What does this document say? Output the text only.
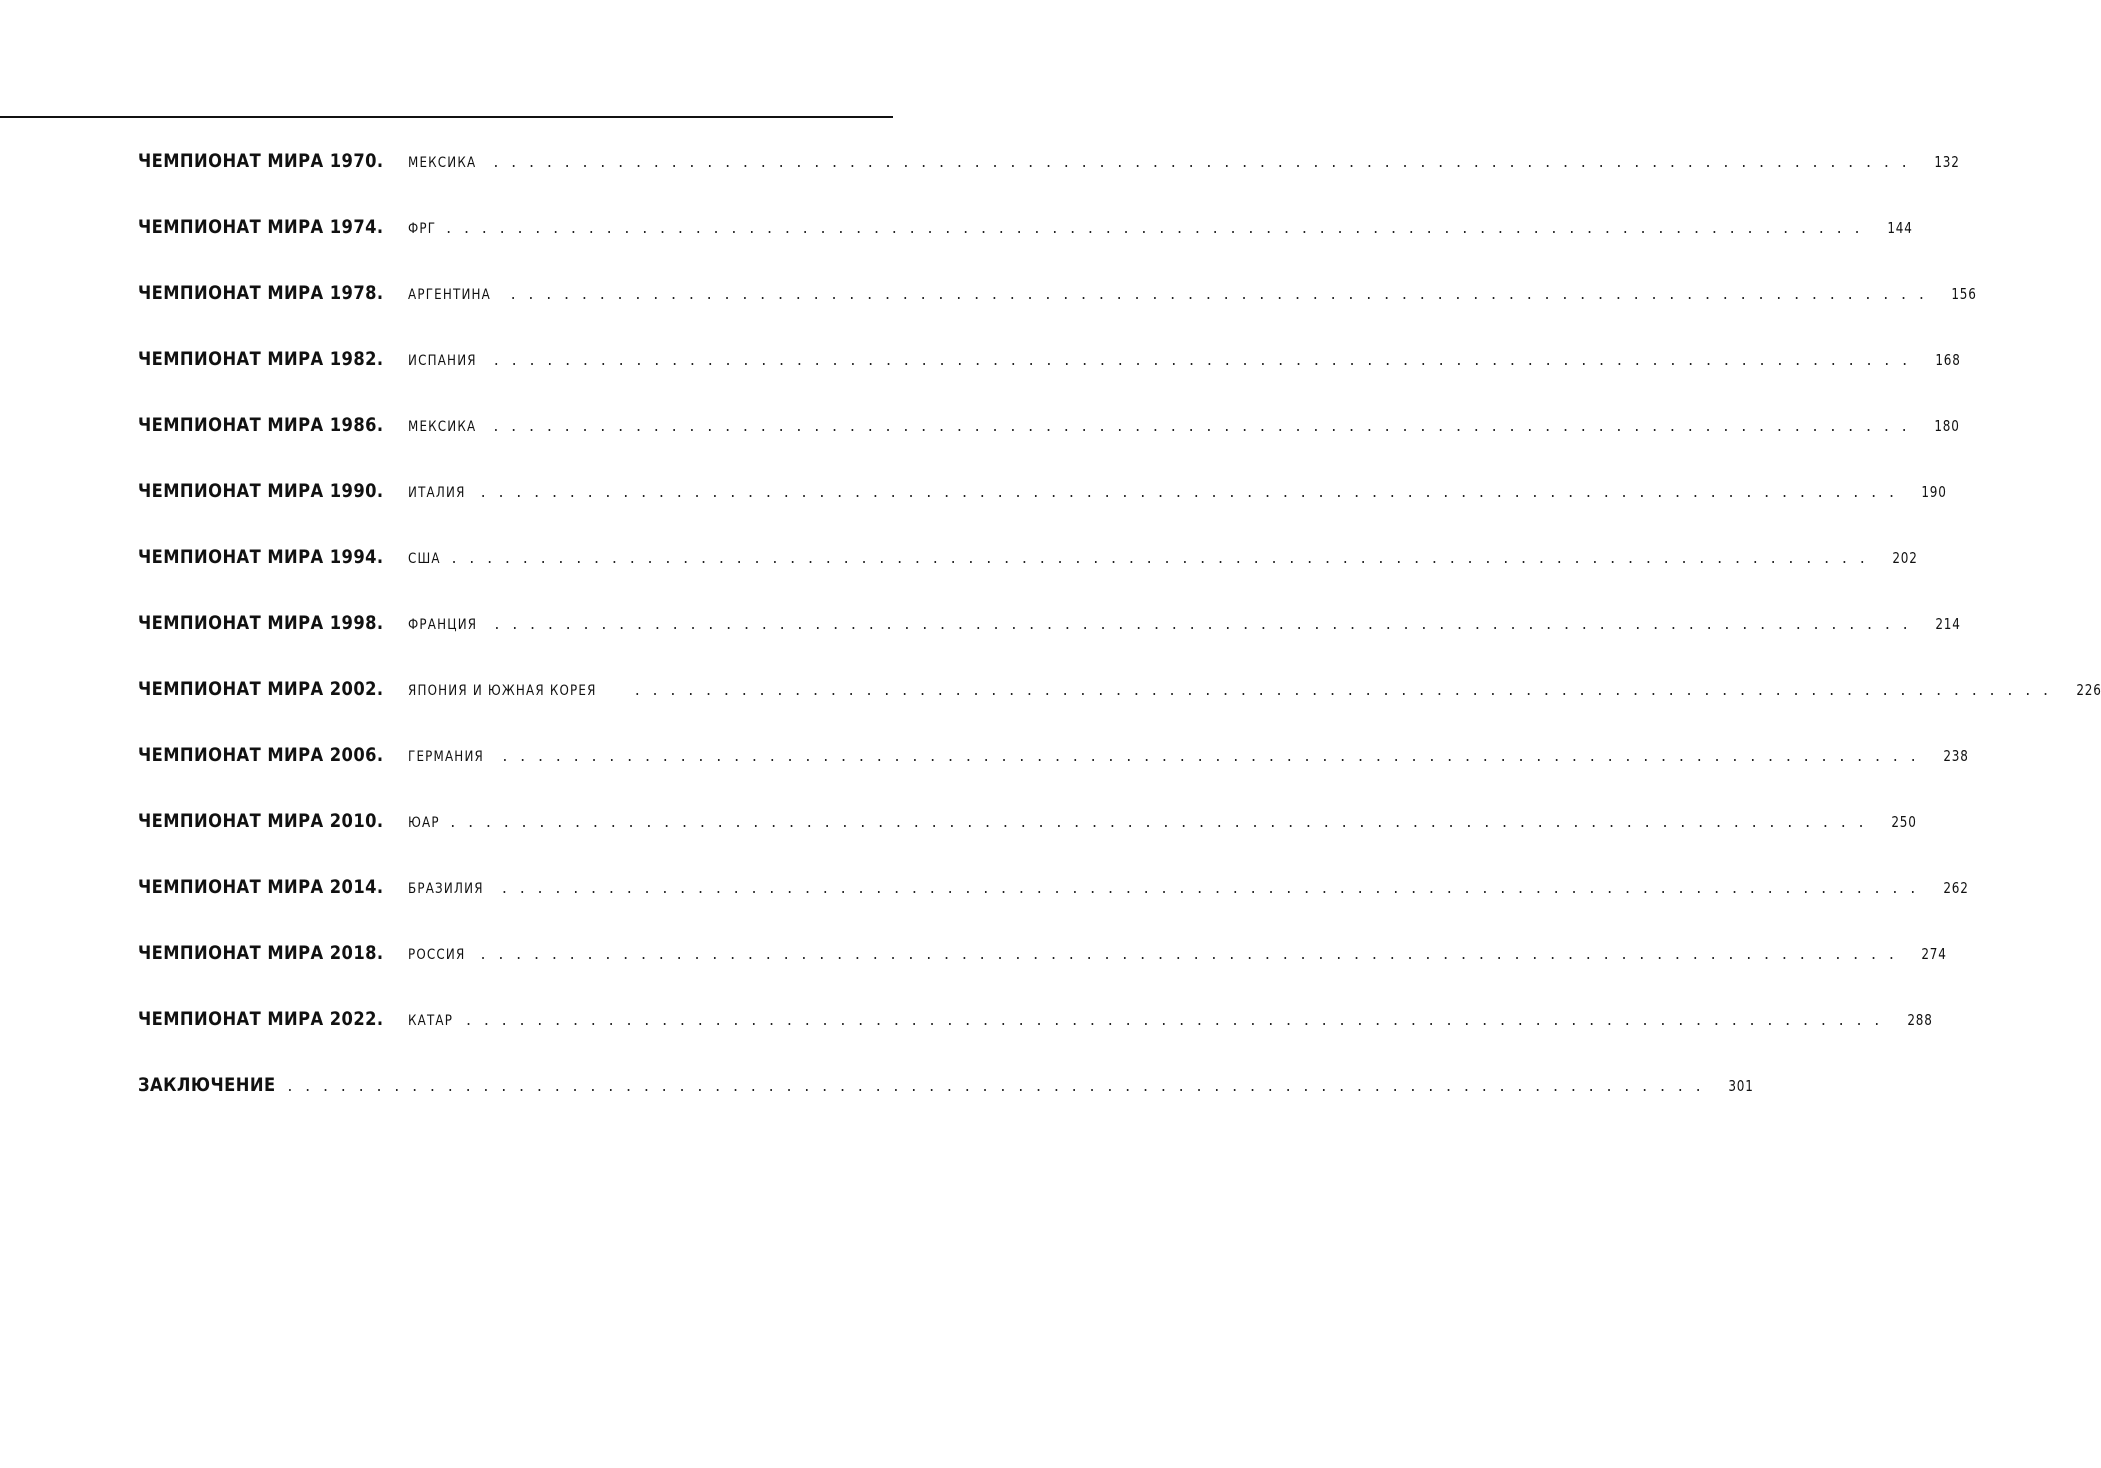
ЧЕМПИОНАТ МИРА 1970. МЕКСИКА ................................................................................ 132
ЧЕМПИОНАТ МИРА 1974. ФРГ ................................................................................ 144
ЧЕМПИОНАТ МИРА 1978. АРГЕНТИНА ................................................................................ 156
ЧЕМПИОНАТ МИРА 1982. ИСПАНИЯ ................................................................................ 168
ЧЕМПИОНАТ МИРА 1986. МЕКСИКА ................................................................................ 180
ЧЕМПИОНАТ МИРА 1990. ИТАЛИЯ ................................................................................ 190
ЧЕМПИОНАТ МИРА 1994. США ................................................................................ 202
ЧЕМПИОНАТ МИРА 1998. ФРАНЦИЯ ................................................................................ 214
ЧЕМПИОНАТ МИРА 2002. ЯПОНИЯ И ЮЖНАЯ КОРЕЯ	................................................................................ 226
ЧЕМПИОНАТ МИРА 2006. ГЕРМАНИЯ ................................................................................ 238
ЧЕМПИОНАТ МИРА 2010. ЮАР ................................................................................ 250
ЧЕМПИОНАТ МИРА 2014. БРАЗИЛИЯ ................................................................................ 262
ЧЕМПИОНАТ МИРА 2018. РОССИЯ ................................................................................ 274
ЧЕМПИОНАТ МИРА 2022. КАТАР ................................................................................ 288
ЗАКЛЮЧЕНИЕ ................................................................................ 301
